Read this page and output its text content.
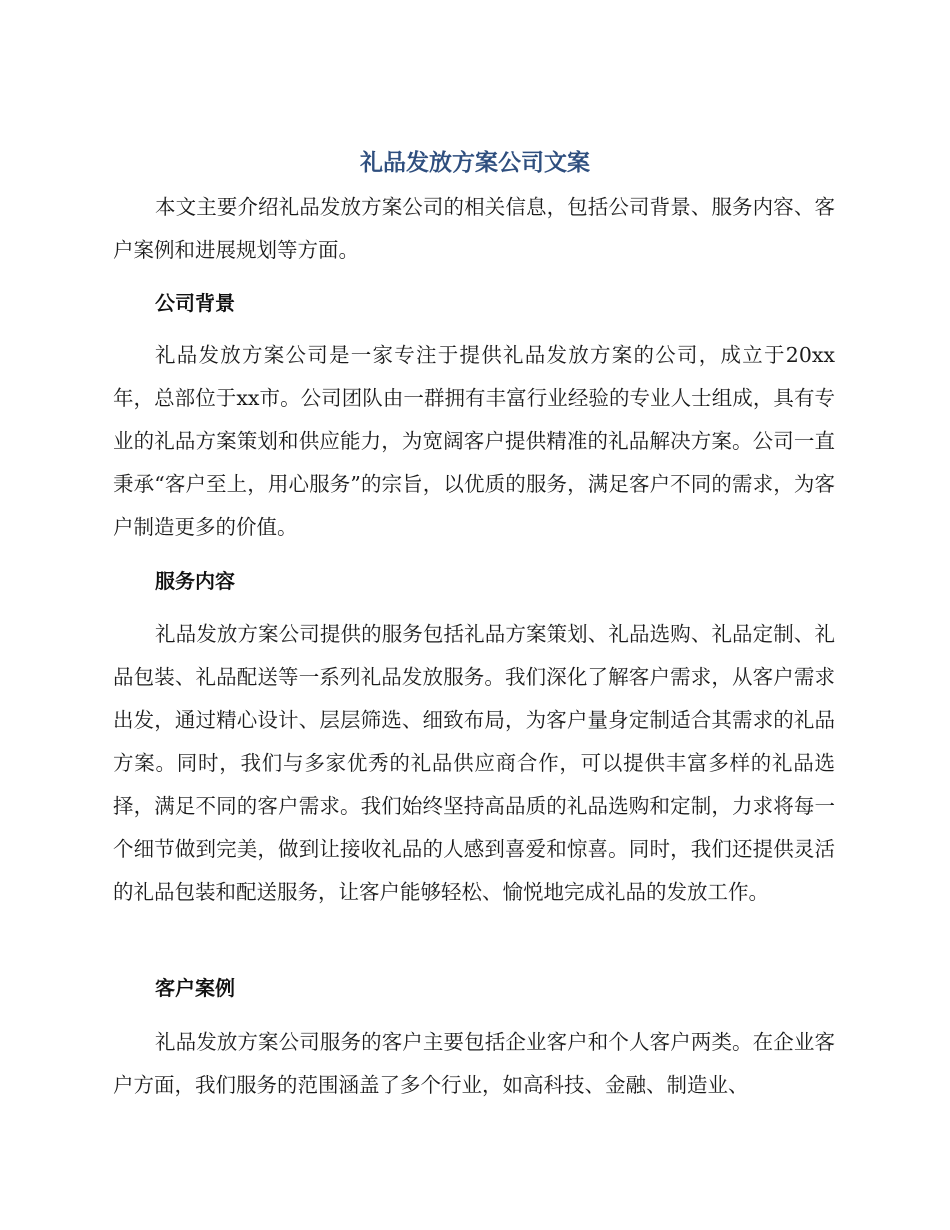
礼品发放方案公司文案

本文主要介绍礼品发放方案公司的相关信息，包括公司背景、服务内容、客户案例和进展规划等方面。

公司背景

礼品发放方案公司是一家专注于提供礼品发放方案的公司，成立于20xx年，总部位于xx市。公司团队由一群拥有丰富行业经验的专业人士组成，具有专业的礼品方案策划和供应能力，为宽阔客户提供精准的礼品解决方案。公司一直秉承“客户至上，用心服务”的宗旨，以优质的服务，满足客户不同的需求，为客户制造更多的价值。

服务内容

礼品发放方案公司提供的服务包括礼品方案策划、礼品选购、礼品定制、礼品包装、礼品配送等一系列礼品发放服务。我们深化了解客户需求，从客户需求出发，通过精心设计、层层筛选、细致布局，为客户量身定制适合其需求的礼品方案。同时，我们与多家优秀的礼品供应商合作，可以提供丰富多样的礼品选择，满足不同的客户需求。我们始终坚持高品质的礼品选购和定制，力求将每一个细节做到完美，做到让接收礼品的人感到喜爱和惊喜。同时，我们还提供灵活的礼品包装和配送服务，让客户能够轻松、愉悦地完成礼品的发放工作。

客户案例

礼品发放方案公司服务的客户主要包括企业客户和个人客户两类。在企业客户方面，我们服务的范围涵盖了多个行业，如高科技、金融、制造业、
